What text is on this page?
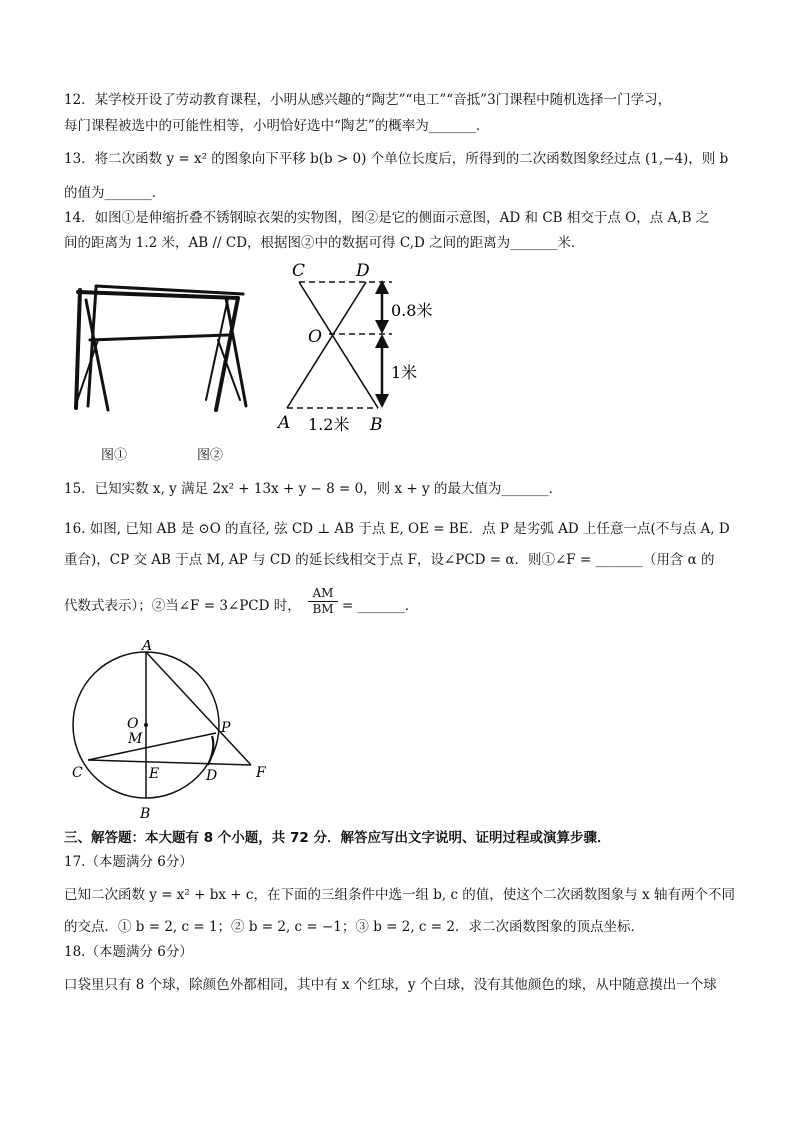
12．某学校开设了劳动教育课程，小明从感兴趣的“陶艺”“电工”“音抵”3门课程中随机选择一门学习，
每门课程被选中的可能性相等，小明恰好选中“陶艺”的概率为_______．
13．将二次函数 y = x² 的图象向下平移 b(b > 0) 个单位长度后，所得到的二次函数图象经过点 (1,−4)，则 b
的值为_______．
14．如图①是伸缩折叠不锈钢晾衣架的实物图，图②是它的侧面示意图，AD 和 CB 相交于点 O，点 A,B 之
间的距离为 1.2 米，AB // CD，根据图②中的数据可得 C,D 之间的距离为_______米．
图①
C	D
O
A	B
0.8米
1米
1.2米
图②
15．已知实数 x, y 满足 2x² + 13x + y − 8 = 0，则 x + y 的最大值为_______．
16. 如图, 已知 AB 是 ⊙O 的直径, 弦 CD ⊥ AB 于点 E, OE = BE．点 P 是劣弧 AD 上任意一点(不与点 A, D
重合)，CP 交 AB 于点 M, AP 与 CD 的延长线相交于点 F，设∠PCD = α．则①∠F = _______（用含 α 的
代数式表示）；②当∠F = 3∠PCD 时， $\frac{AM}{BM}$ = _______．
A
O
M
P
C	E	D	F
B
三、解答题：本大题有 8 个小题，共 72 分．解答应写出文字说明、证明过程或演算步骤．
17.（本题满分 6分）
已知二次函数 y = x² + bx + c，在下面的三组条件中选一组 b, c 的值，使这个二次函数图象与 x 轴有两个不同
的交点．① b = 2, c = 1；② b = 2, c = −1；③ b = 2, c = 2．求二次函数图象的顶点坐标．
18.（本题满分 6分）
口袋里只有 8 个球，除颜色外都相同，其中有 x 个红球，y 个白球，没有其他颜色的球，从中随意摸出一个球
